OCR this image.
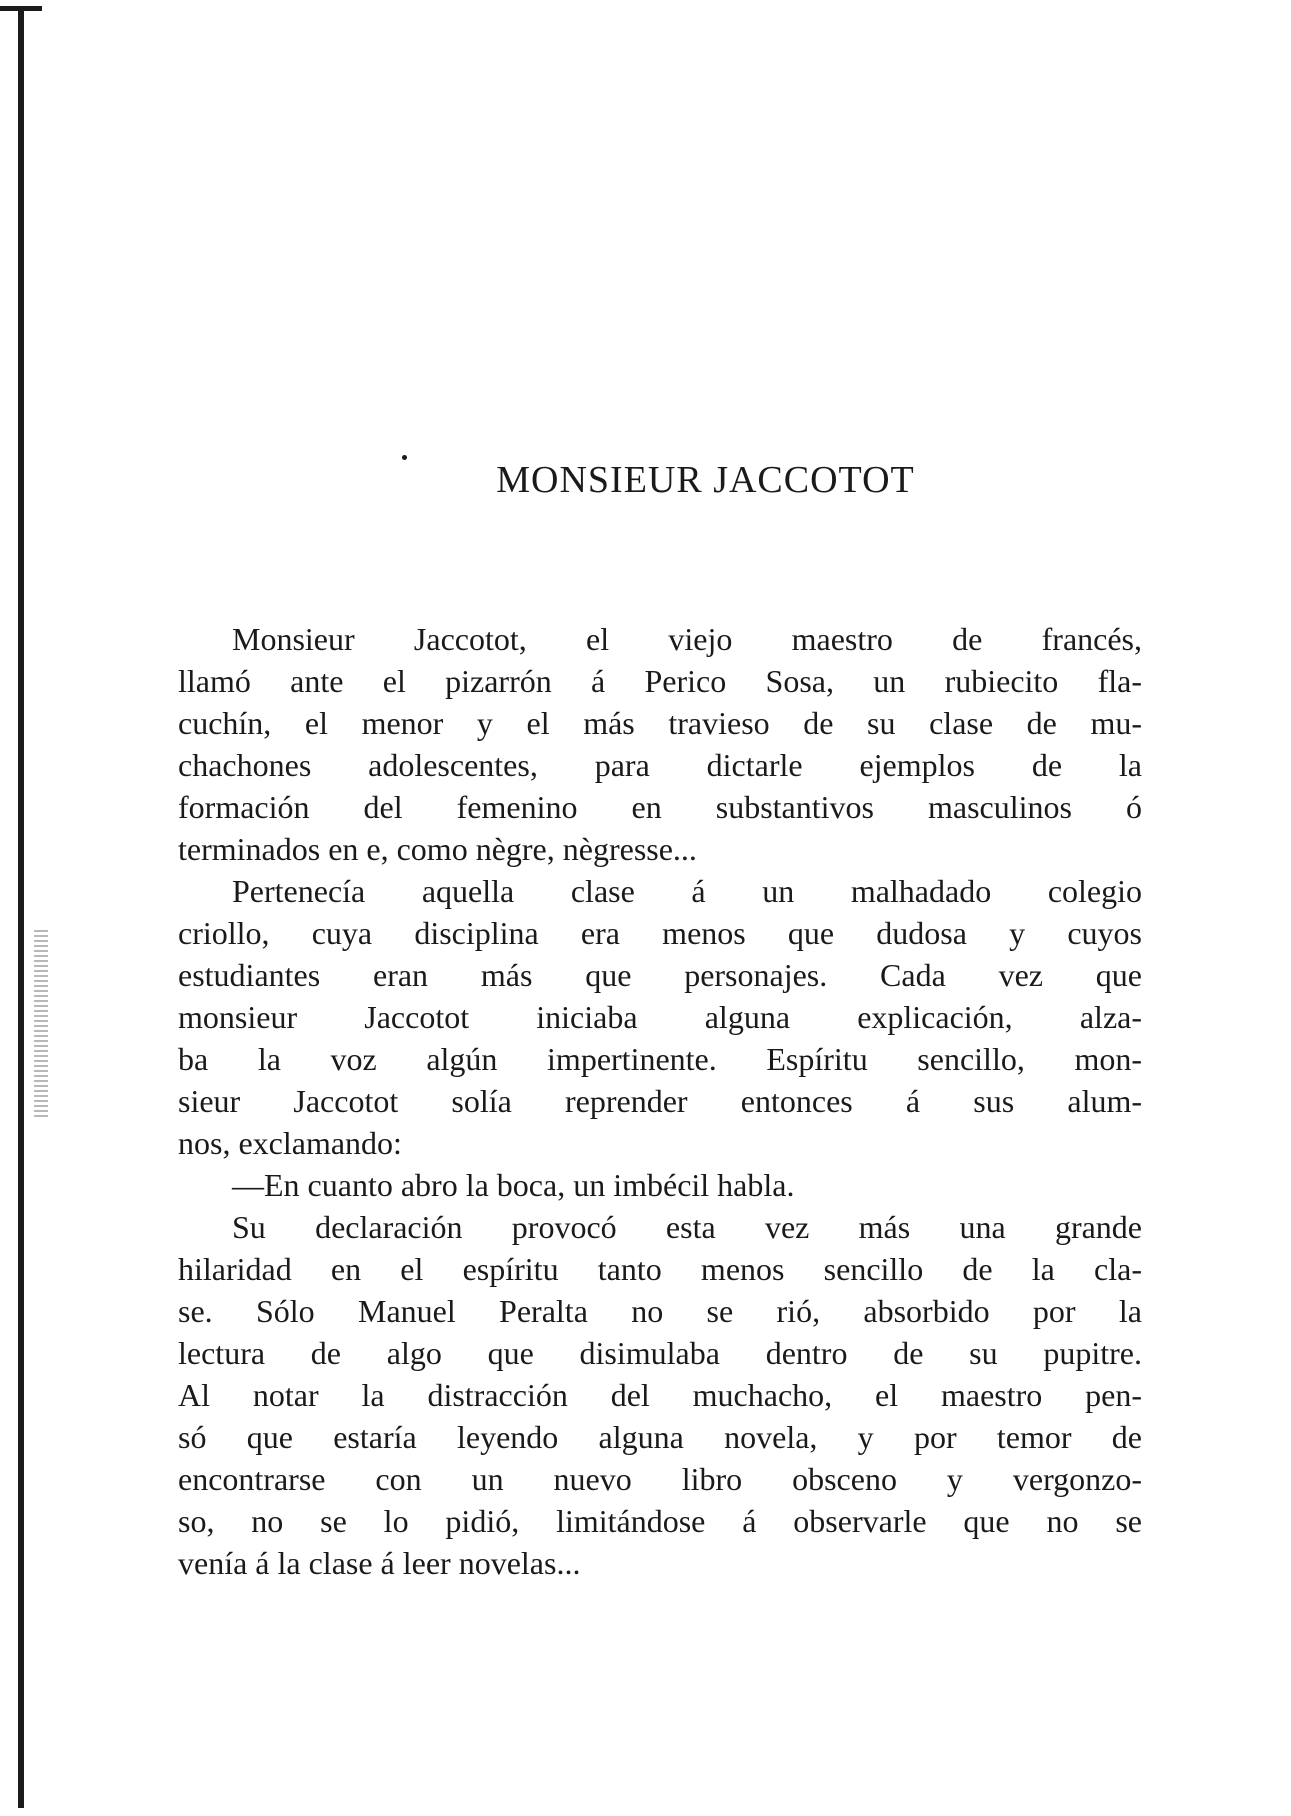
MONSIEUR JACCOTOT
Monsieur Jaccotot, el viejo maestro de francés,
llamó ante el pizarrón á Perico Sosa, un rubiecito fla-
cuchín, el menor y el más travieso de su clase de mu-
chachones adolescentes, para dictarle ejemplos de la
formación del femenino en substantivos masculinos ó
terminados en e, como nègre, nègresse...
Pertenecía aquella clase á un malhadado colegio
criollo, cuya disciplina era menos que dudosa y cuyos
estudiantes eran más que personajes. Cada vez que
monsieur Jaccotot iniciaba alguna explicación, alza-
ba la voz algún impertinente. Espíritu sencillo, mon-
sieur Jaccotot solía reprender entonces á sus alum-
nos, exclamando:
—En cuanto abro la boca, un imbécil habla.
Su declaración provocó esta vez más una grande
hilaridad en el espíritu tanto menos sencillo de la cla-
se. Sólo Manuel Peralta no se rió, absorbido por la
lectura de algo que disimulaba dentro de su pupitre.
Al notar la distracción del muchacho, el maestro pen-
só que estaría leyendo alguna novela, y por temor de
encontrarse con un nuevo libro obsceno y vergonzo-
so, no se lo pidió, limitándose á observarle que no se
venía á la clase á leer novelas...
